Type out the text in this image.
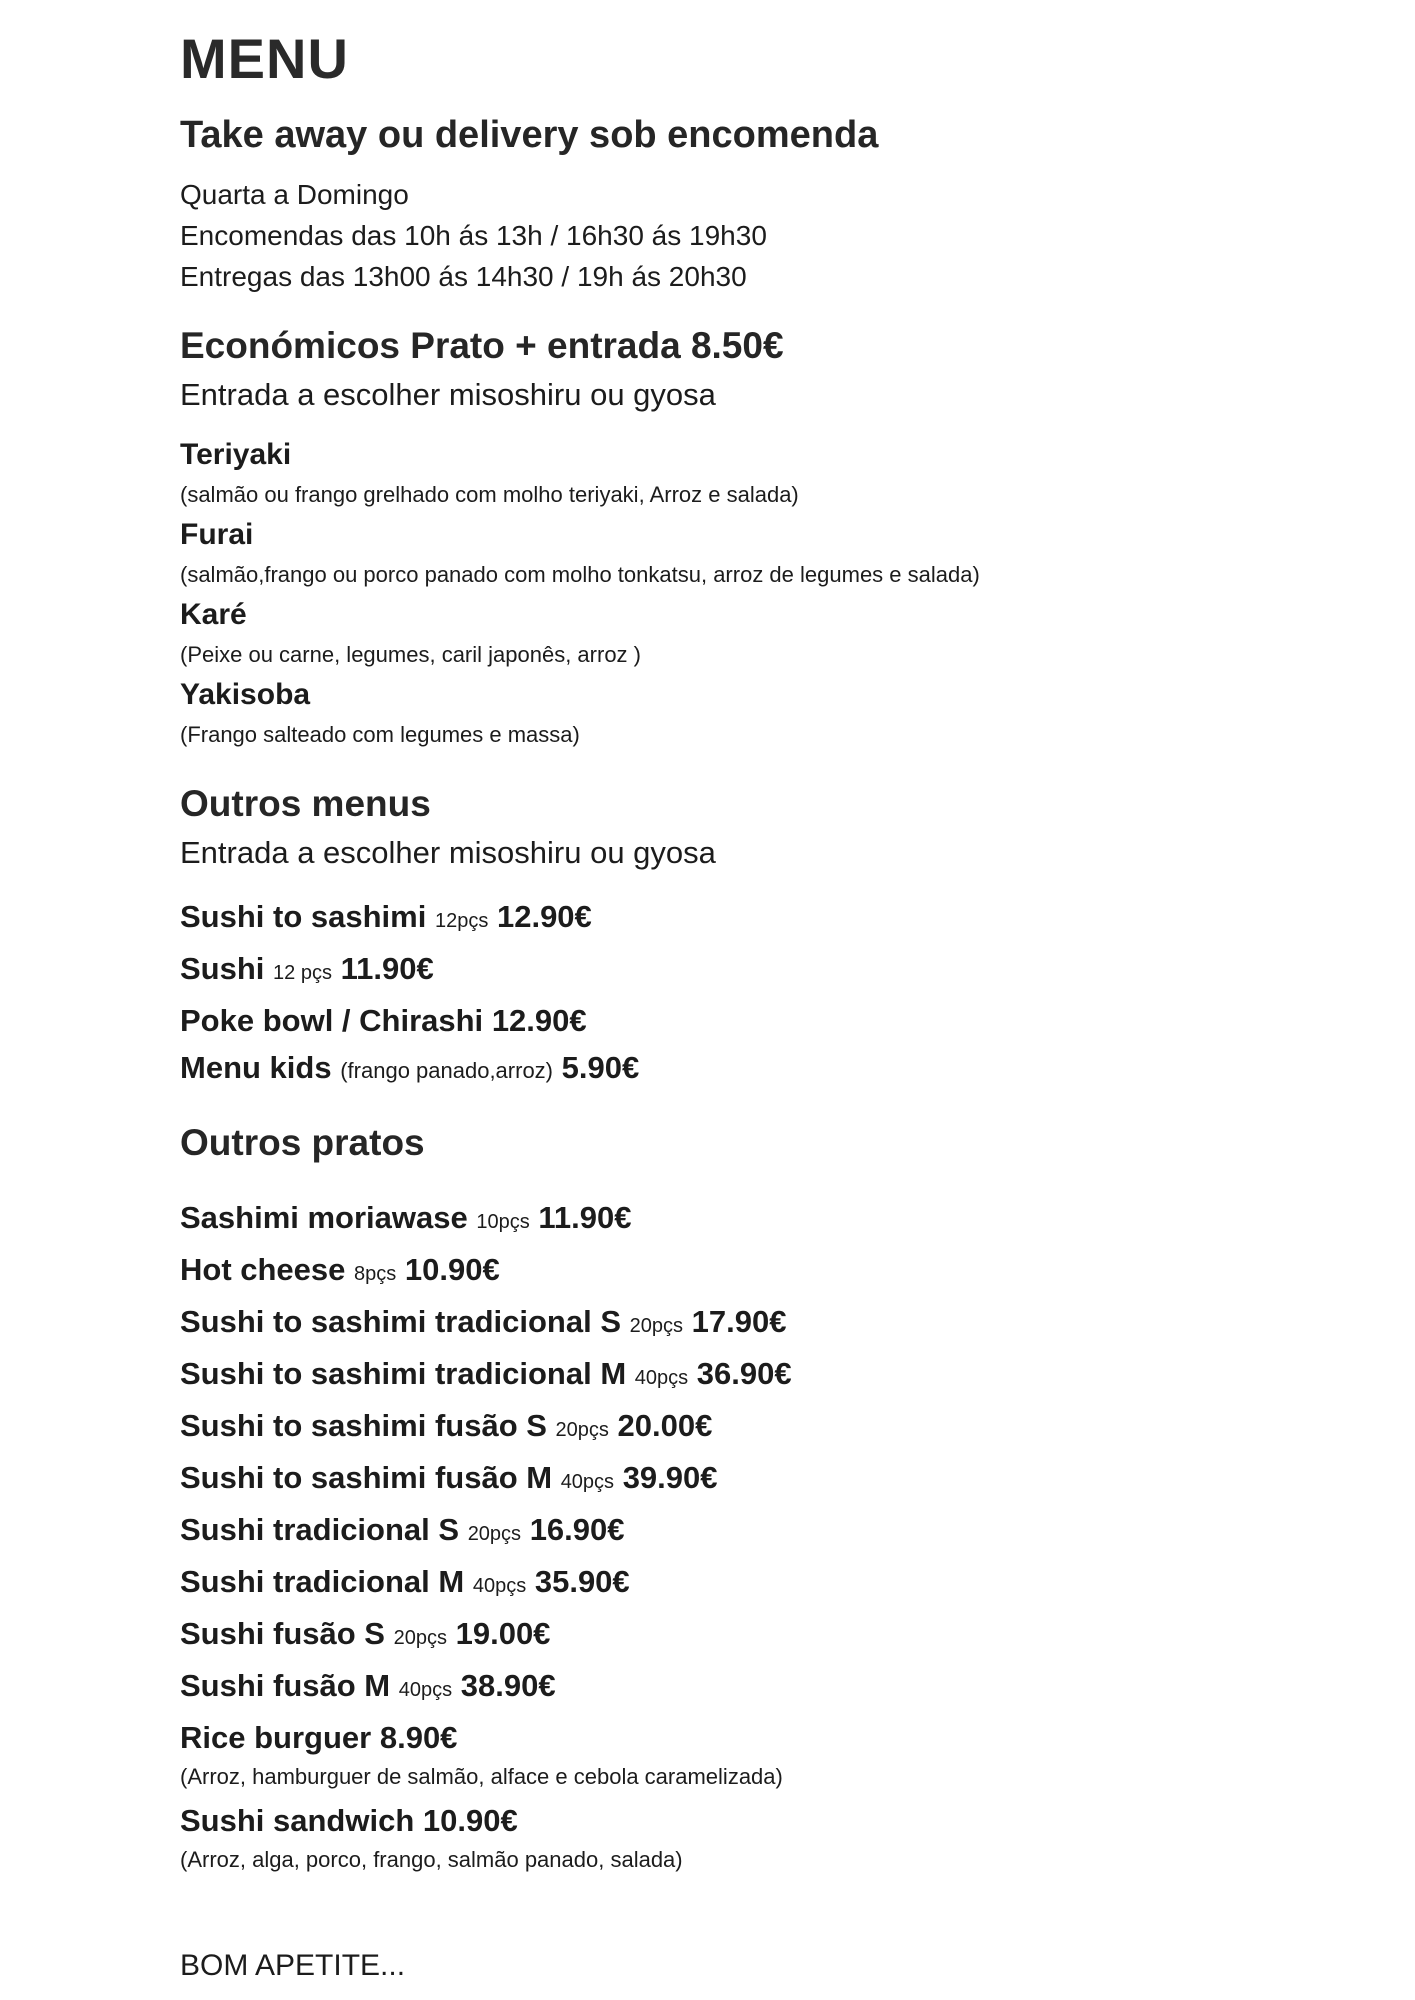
MENU
Take away ou delivery sob encomenda

Quarta a Domingo

Encomendas das 10h ás 13h / 16h30 ás 19h30

Entregas das 13h00 ás 14h30 / 19h ás 20h30

Económicos Prato + entrada 8.50€

Entrada a escolher misoshiru ou gyosa

Teriyaki
(salmão ou frango grelhado com molho teriyaki, Arroz e salada)
Furai
(salmão,frango ou porco panado com molho tonkatsu, arroz de legumes e salada)
Karé
(Peixe ou carne, legumes, caril japonês, arroz )
Yakisoba
(Frango salteado com legumes e massa)
Outros menus

Entrada a escolher misoshiru ou gyosa

Sushi to sashimi 12pçs 12.90€

Sushi 12 pçs 11.90€

Poke bowl / Chirashi 12.90€

Menu kids (frango panado,arroz) 5.90€

Outros pratos

Sashimi moriawase 10pçs 11.90€

Hot cheese 8pçs 10.90€

Sushi to sashimi tradicional S 20pçs 17.90€

Sushi to sashimi tradicional M 40pçs 36.90€

Sushi to sashimi fusão S 20pçs 20.00€

Sushi to sashimi fusão M 40pçs 39.90€

Sushi tradicional S 20pçs 16.90€

Sushi tradicional M 40pçs 35.90€

Sushi fusão S 20pçs 19.00€

Sushi fusão M 40pçs 38.90€

Rice burguer 8.90€

(Arroz, hamburguer de salmão, alface e cebola caramelizada)

Sushi sandwich 10.90€

(Arroz, alga, porco, frango, salmão panado, salada)

BOM APETITE...
